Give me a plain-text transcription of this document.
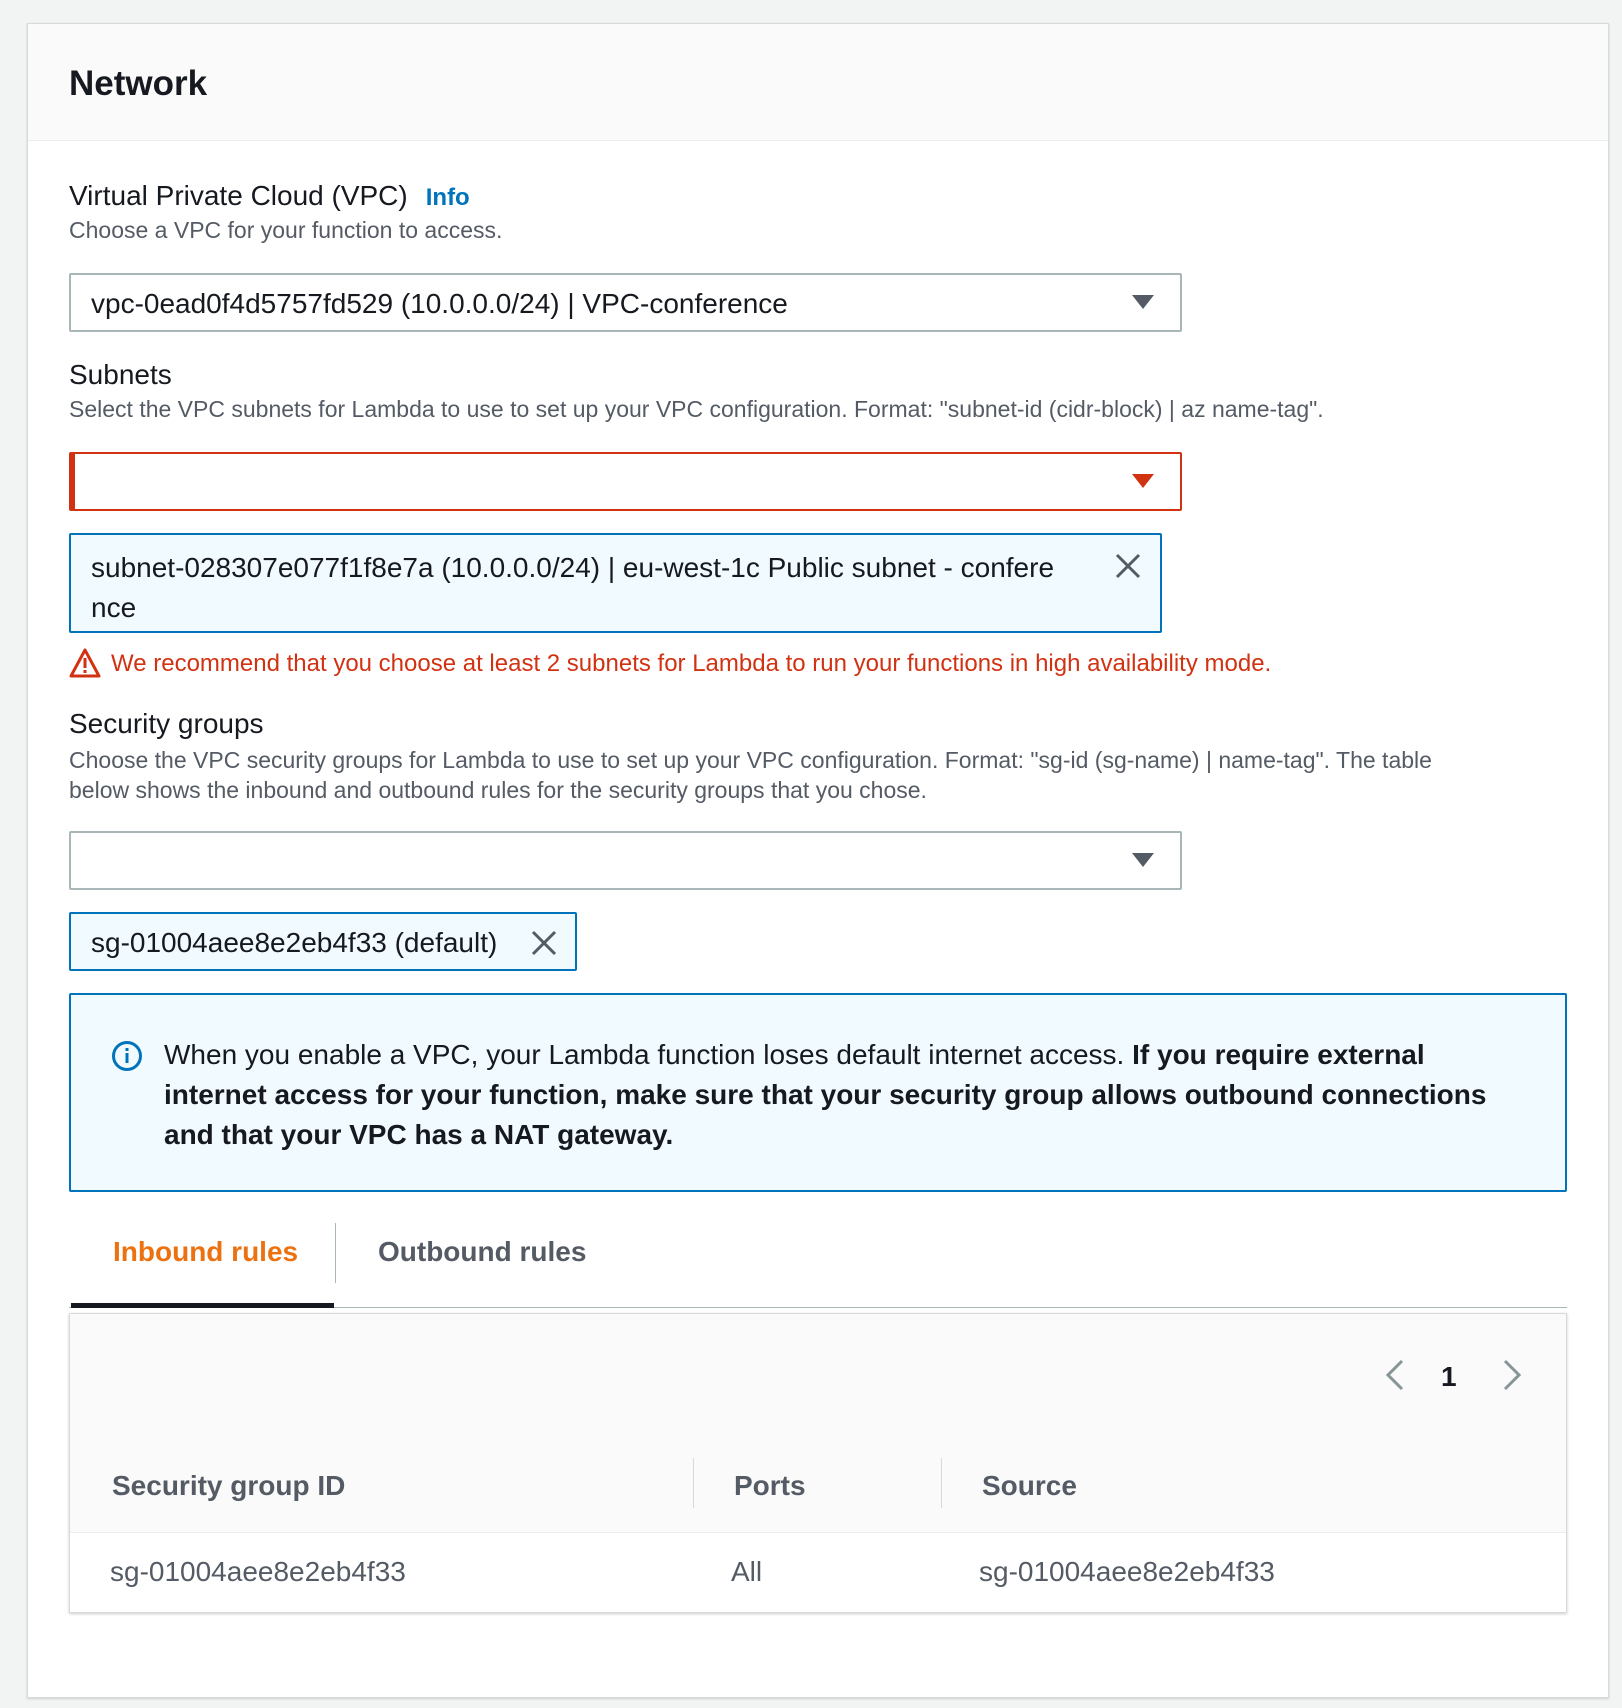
Network
Virtual Private Cloud (VPC) Info
Choose a VPC for your function to access.
vpc-0ead0f4d5757fd529 (10.0.0.0/24) | VPC-conference
Subnets
Select the VPC subnets for Lambda to use to set up your VPC configuration. Format: "subnet-id (cidr-block) | az name-tag".
subnet-028307e077f1f8e7a (10.0.0.0/24) | eu-west-1c Public subnet - confere
nce
We recommend that you choose at least 2 subnets for Lambda to run your functions in high availability mode.
Security groups
Choose the VPC security groups for Lambda to use to set up your VPC configuration. Format: "sg-id (sg-name) | name-tag". The table
below shows the inbound and outbound rules for the security groups that you chose.
sg-01004aee8e2eb4f33 (default)
When you enable a VPC, your Lambda function loses default internet access. If you require external internet access for your function, make sure that your security group allows outbound connections and that your VPC has a NAT gateway.
Inbound rules	Outbound rules
1
Security group ID	Ports	Source
sg-01004aee8e2eb4f33	All	sg-01004aee8e2eb4f33
